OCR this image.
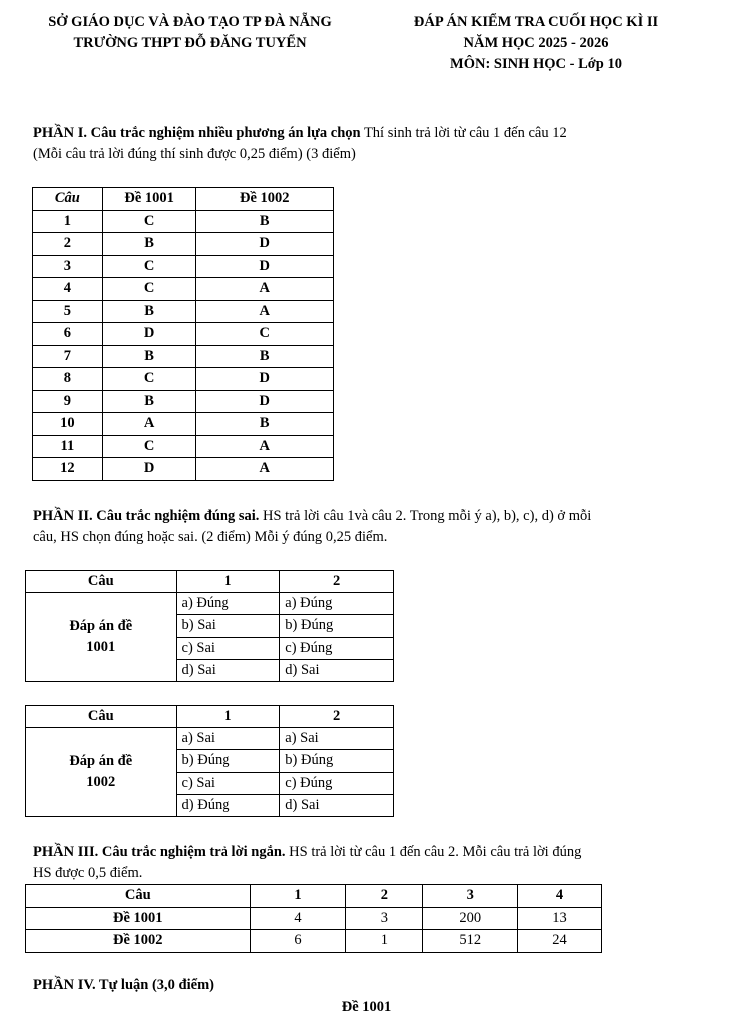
SỞ GIÁO DỤC VÀ ĐÀO TẠO TP ĐÀ NẴNG
TRƯỜNG THPT ĐỖ ĐĂNG TUYỂN
ĐÁP ÁN KIỂM TRA CUỐI HỌC KÌ II
NĂM HỌC 2025 - 2026
MÔN: SINH HỌC - Lớp 10
PHẦN I. Câu trắc nghiệm nhiều phương án lựa chọn Thí sinh trả lời từ câu 1 đến câu 12
(Mỗi câu trả lời đúng thí sinh được 0,25 điểm) (3 điểm)
Câu	Đề 1001	Đề 1002
1	C	B
2	B	D
3	C	D
4	C	A
5	B	A
6	D	C
7	B	B
8	C	D
9	B	D
10	A	B
11	C	A
12	D	A
PHẦN II. Câu trắc nghiệm đúng sai. HS trả lời câu 1và câu 2. Trong mỗi ý a), b), c), d) ở mỗi
câu, HS chọn đúng hoặc sai. (2 điểm) Mỗi ý đúng 0,25 điểm.
Câu	1	2

Đáp án đề
1001	a) Đúng	a) Đúng
	b) Sai	b) Đúng
	c) Sai	c) Đúng
	d) Sai	d) Sai
Câu	1	2

Đáp án đề
1002	a) Sai	a) Sai
	b) Đúng	b) Đúng
	c) Sai	c) Đúng
	d) Đúng	d) Sai
PHẦN III. Câu trắc nghiệm trả lời ngắn. HS trả lời từ câu 1 đến câu 2. Mỗi câu trả lời đúng
HS được 0,5 điểm.
Câu	1	2	3	4
Đề 1001	4	3	200	13
Đề 1002	6	1	512	24
PHẦN IV. Tự luận (3,0 điểm)
Đề 1001
